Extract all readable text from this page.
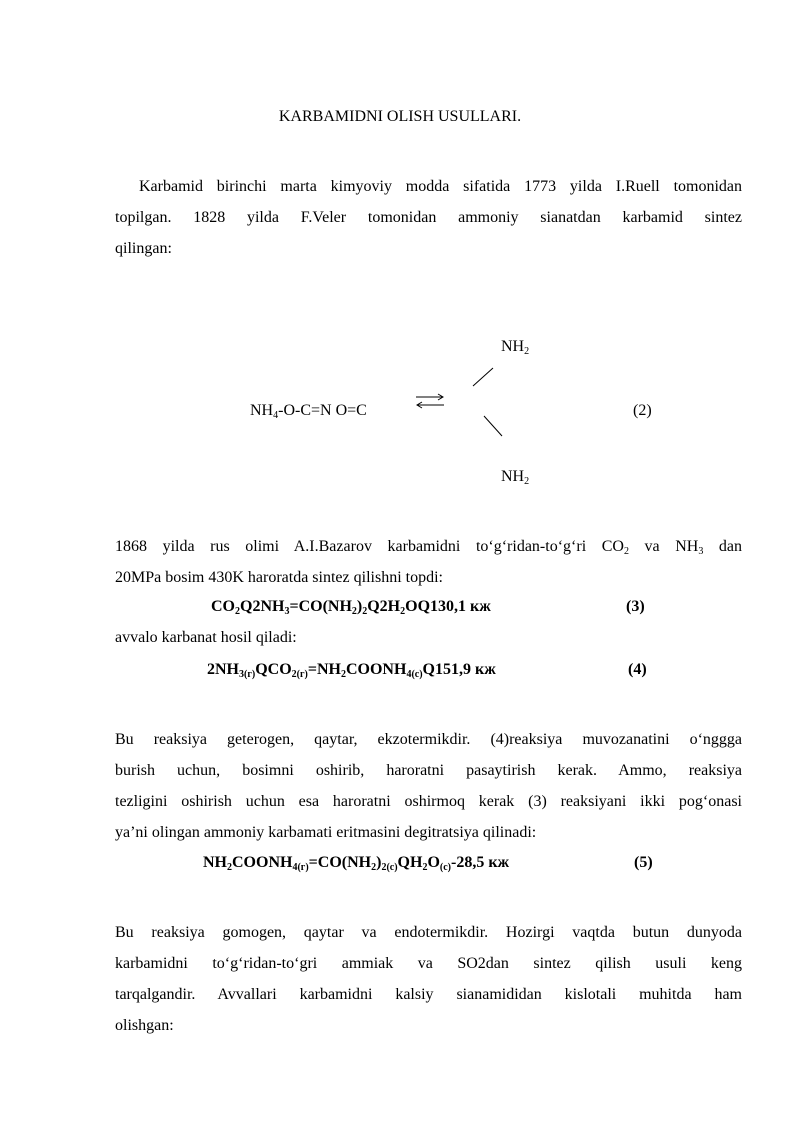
KARBAMIDNI OLISH USULLARI.
Karbamid birinchi marta kimyoviy modda sifatida 1773 yilda I.Ruell tomonidan
topilgan. 1828 yilda F.Veler tomonidan ammoniy sianatdan karbamid sintez
qilingan:
$NH_2$
$NH_4-O-C=N$ O=C	(2)
$NH_2$
1868 yilda rus olimi A.I.Bazarov karbamidni to‘g‘ridan-to‘g‘ri $CO_2$ va $NH_3$ dan
20MPa bosim 430K haroratda sintez qilishni topdi:
$CO_2Q2NH_3=CO(NH_2)_2Q2H_2OQ130,1$ кж	(3)
avvalo karbanat hosil qiladi:
$2NH_{3(г)}QCO_{2(г)}=NH_2COONH_{4(с)}Q151,9$ кж	(4)
Bu reaksiya geterogen, qaytar, ekzotermikdir. (4)reaksiya muvozanatini o‘nggga
burish uchun, bosimni oshirib, haroratni pasaytirish kerak. Ammo, reaksiya
tezligini oshirish uchun esa haroratni oshirmoq kerak (3) reaksiyani ikki pog‘onasi
ya’ni olingan ammoniy karbamati eritmasini degitratsiya qilinadi:
$NH_2COONH_{4(г)}=CO(NH_2)_{2(с)}QH_2O_{(с)}-28,5$ кж	(5)
Bu reaksiya gomogen, qaytar va endotermikdir. Hozirgi vaqtda butun dunyoda
karbamidni to‘g‘ridan-to‘gri ammiak va SO2dan sintez qilish usuli keng
tarqalgandir. Avvallari karbamidni kalsiy sianamididan kislotali muhitda ham
olishgan:
